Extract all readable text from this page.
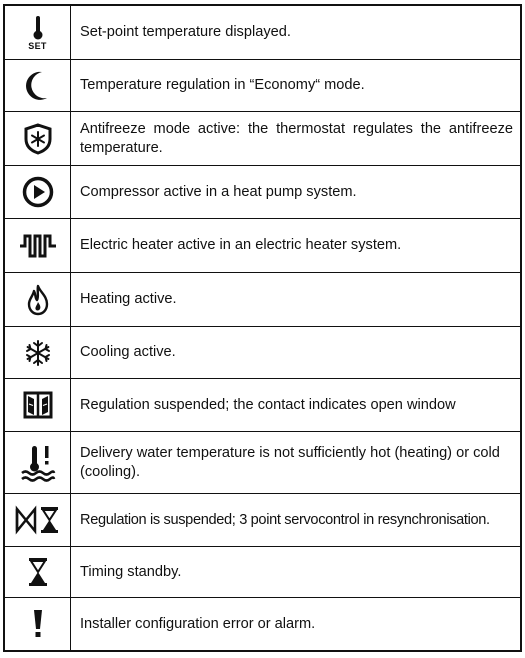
SET
Set-point temperature displayed.
Temperature regulation in “Economy“ mode.
Antifreeze mode active: the thermostat regulates the antifreeze temperature.
Compressor active in a heat pump system.
Electric heater active in an electric heater system.
Heating active.
Cooling active.
Regulation suspended; the contact indicates open window
Delivery water temperature is not sufficiently hot (heating) or cold (cooling).
Regulation is suspended; 3 point servocontrol in resynchronisation.
Timing standby.
Installer configuration error or alarm.
